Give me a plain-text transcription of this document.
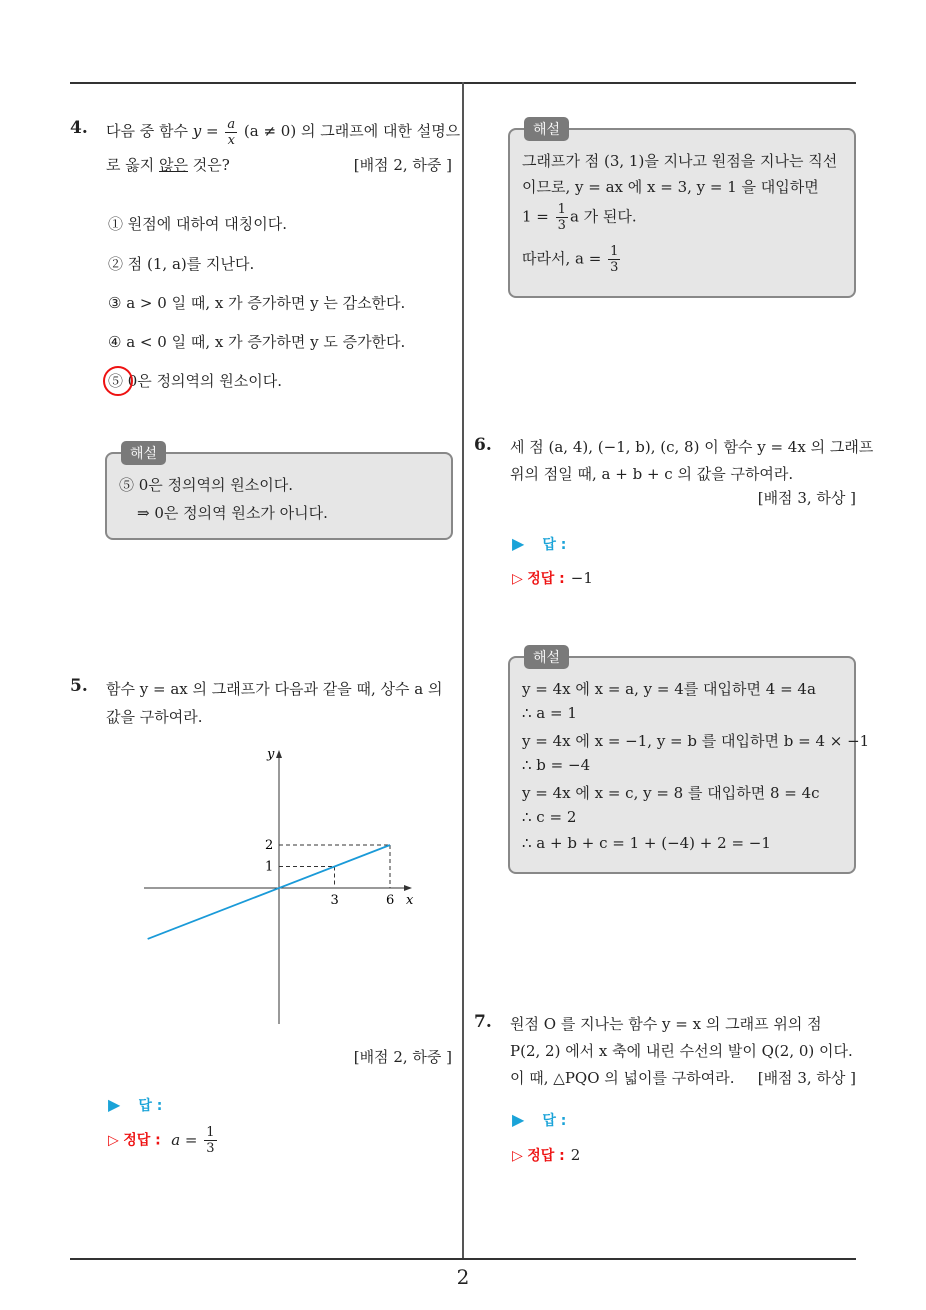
2
4. 다음 중 함수 $y = \frac{a}{x} (a \ne 0)$ 의 그래프에 대한 설명으
로 옳지 않은 것은?	[배점 2, 하중 ]
① 원점에 대하여 대칭이다.
② 점 (1, a)를 지난다.
③ a > 0 일 때, x 가 증가하면 y 는 감소한다.
④ a < 0 일 때, x 가 증가하면 y 도 증가한다.
⑤ 0은 정의역의 원소이다.
해설
⑤ 0은 정의역의 원소이다.
⇒ 0은 정의역 원소가 아니다.
5. 함수 y = ax 의 그래프가 다음과 같을 때, 상수 a 의
값을 구하여라.
x
y
3	6
1
2
[배점 2, 하중 ]
▶ 답 :
▷ 정답 : $a = \frac{1}{3}$
해설
그래프가 점 (3, 1)을 지나고 원점을 지나는 직선
이므로, y = ax 에 x = 3, y = 1 을 대입하면
$1 = \frac{1}{3}$ a 가 된다.
따라서, $a = \frac{1}{3}$
6. 세 점 (a, 4), (−1, b), (c, 8) 이 함수 y = 4x 의 그래프
위의 점일 때, a + b + c 의 값을 구하여라.
[배점 3, 하상 ]
▶ 답 :
▷ 정답 : −1
해설
y = 4x 에 x = a, y = 4를 대입하면 4 = 4a
∴ a = 1
y = 4x 에 x = −1, y = b 를 대입하면 b = 4 × −1
∴ b = −4
y = 4x 에 x = c, y = 8 를 대입하면 8 = 4c
∴ c = 2
∴ a + b + c = 1 + (−4) + 2 = −1
7. 원점 O 를 지나는 함수 y = x 의 그래프 위의 점
P(2, 2) 에서 x 축에 내린 수선의 발이 Q(2, 0) 이다.
이 때, △PQO 의 넓이를 구하여라. [배점 3, 하상 ]
▶ 답 :
▷ 정답 : 2
